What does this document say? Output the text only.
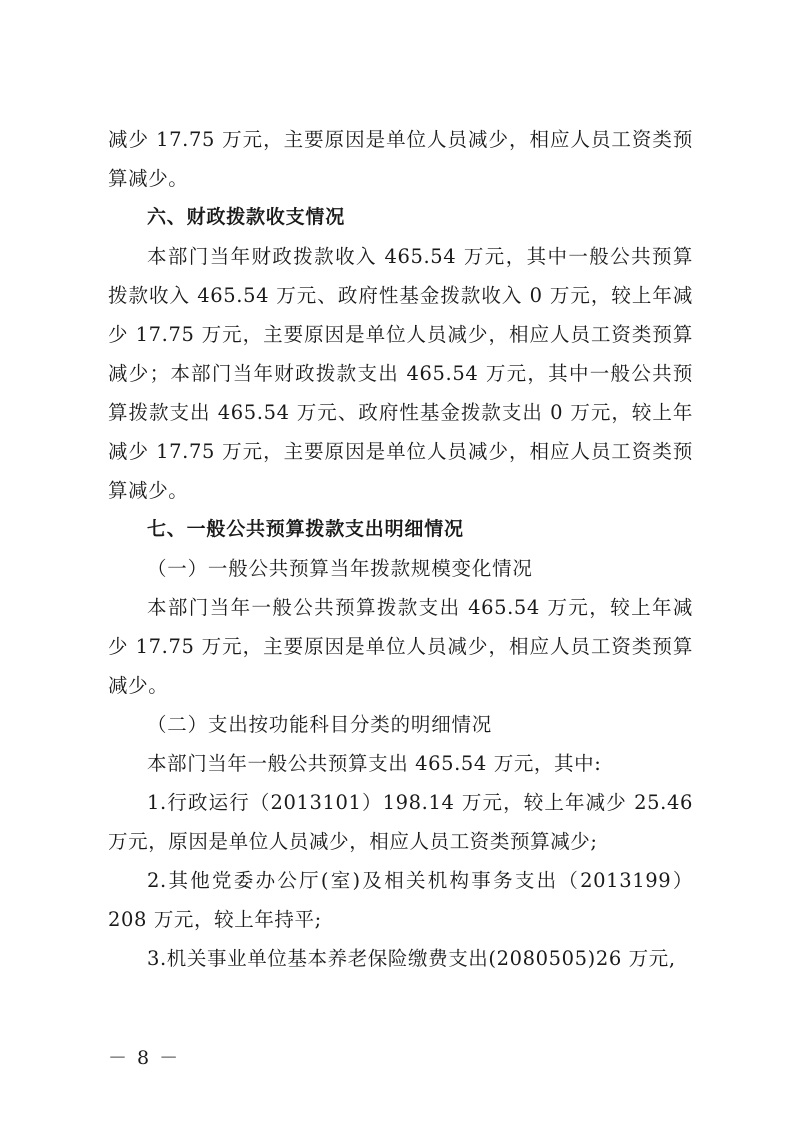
减少 17.75 万元，主要原因是单位人员减少，相应人员工资类预算减少。

六、财政拨款收支情况

本部门当年财政拨款收入 465.54 万元，其中一般公共预算拨款收入 465.54 万元、政府性基金拨款收入 0 万元，较上年减少 17.75 万元，主要原因是单位人员减少，相应人员工资类预算减少；本部门当年财政拨款支出 465.54 万元，其中一般公共预算拨款支出 465.54 万元、政府性基金拨款支出 0 万元，较上年减少 17.75 万元，主要原因是单位人员减少，相应人员工资类预算减少。

七、一般公共预算拨款支出明细情况

（一）一般公共预算当年拨款规模变化情况

本部门当年一般公共预算拨款支出 465.54 万元，较上年减少 17.75 万元，主要原因是单位人员减少，相应人员工资类预算减少。

（二）支出按功能科目分类的明细情况

本部门当年一般公共预算支出 465.54 万元，其中:

1.行政运行（2013101）198.14 万元，较上年减少 25.46 万元，原因是单位人员减少，相应人员工资类预算减少;

2.其他党委办公厅(室)及相关机构事务支出（2013199）208 万元，较上年持平;

3.机关事业单位基本养老保险缴费支出(2080505)26 万元,

－ 8 －
